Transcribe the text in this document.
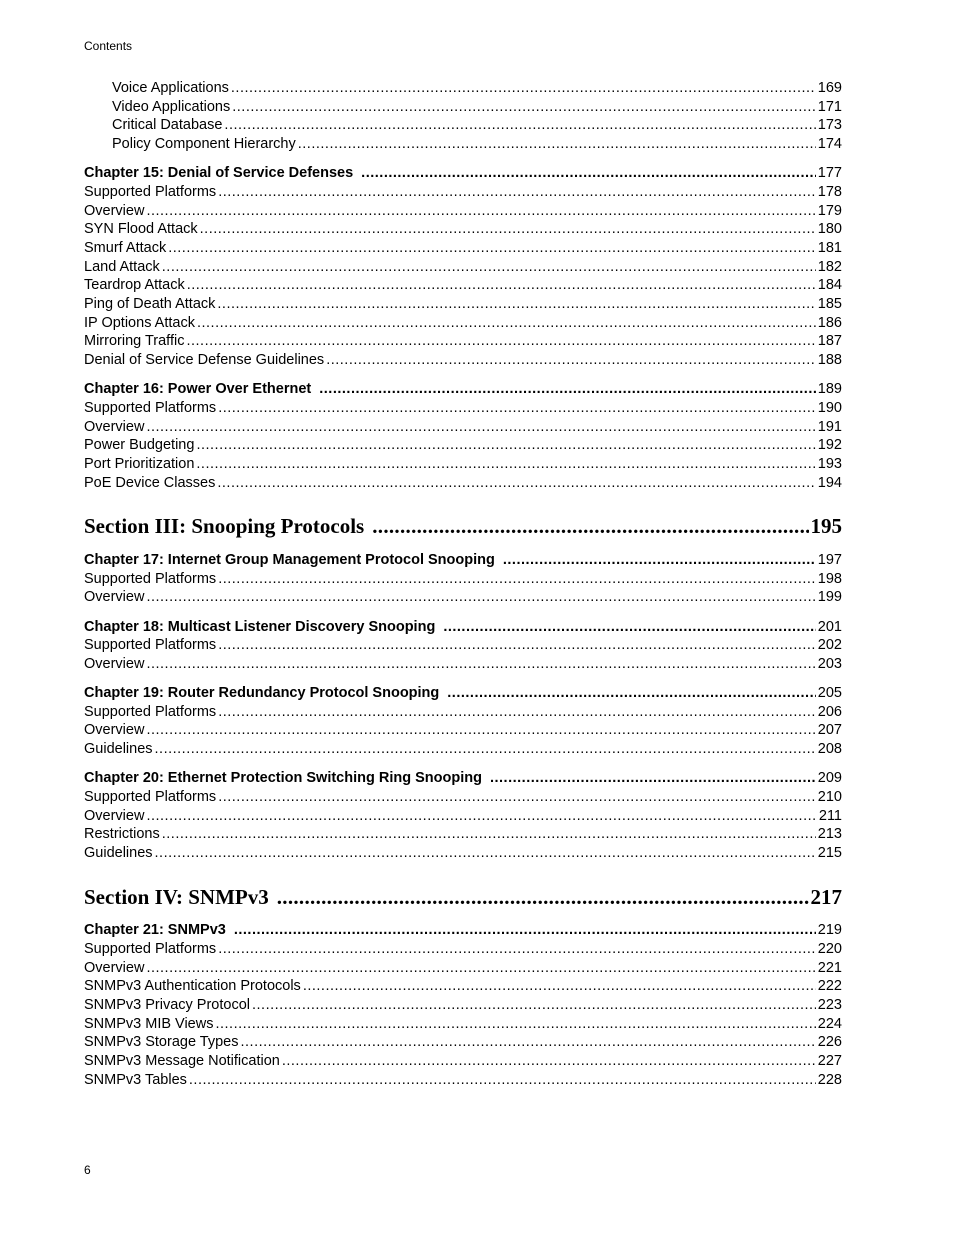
Contents
Voice Applications .....	169
Video Applications .....	171
Critical Database .....	173
Policy Component Hierarchy .....	174
Chapter 15: Denial of Service Defenses .....	177
Supported Platforms .....	178
Overview .....	179
SYN Flood Attack .....	180
Smurf Attack .....	181
Land Attack .....	182
Teardrop Attack .....	184
Ping of Death Attack .....	185
IP Options Attack .....	186
Mirroring Traffic .....	187
Denial of Service Defense Guidelines .....	188
Chapter 16: Power Over Ethernet .....	189
Supported Platforms .....	190
Overview .....	191
Power Budgeting .....	192
Port Prioritization .....	193
PoE Device Classes .....	194
Section III: Snooping Protocols .....	195
Chapter 17: Internet Group Management Protocol Snooping .....	197
Supported Platforms .....	198
Overview .....	199
Chapter 18: Multicast Listener Discovery Snooping .....	201
Supported Platforms .....	202
Overview .....	203
Chapter 19: Router Redundancy Protocol Snooping .....	205
Supported Platforms .....	206
Overview .....	207
Guidelines .....	208
Chapter 20: Ethernet Protection Switching Ring Snooping .....	209
Supported Platforms .....	210
Overview .....	211
Restrictions .....	213
Guidelines .....	215
Section IV: SNMPv3 .....	217
Chapter 21: SNMPv3 .....	219
Supported Platforms .....	220
Overview .....	221
SNMPv3 Authentication Protocols .....	222
SNMPv3 Privacy Protocol .....	223
SNMPv3 MIB Views .....	224
SNMPv3 Storage Types .....	226
SNMPv3 Message Notification .....	227
SNMPv3 Tables .....	228
6
